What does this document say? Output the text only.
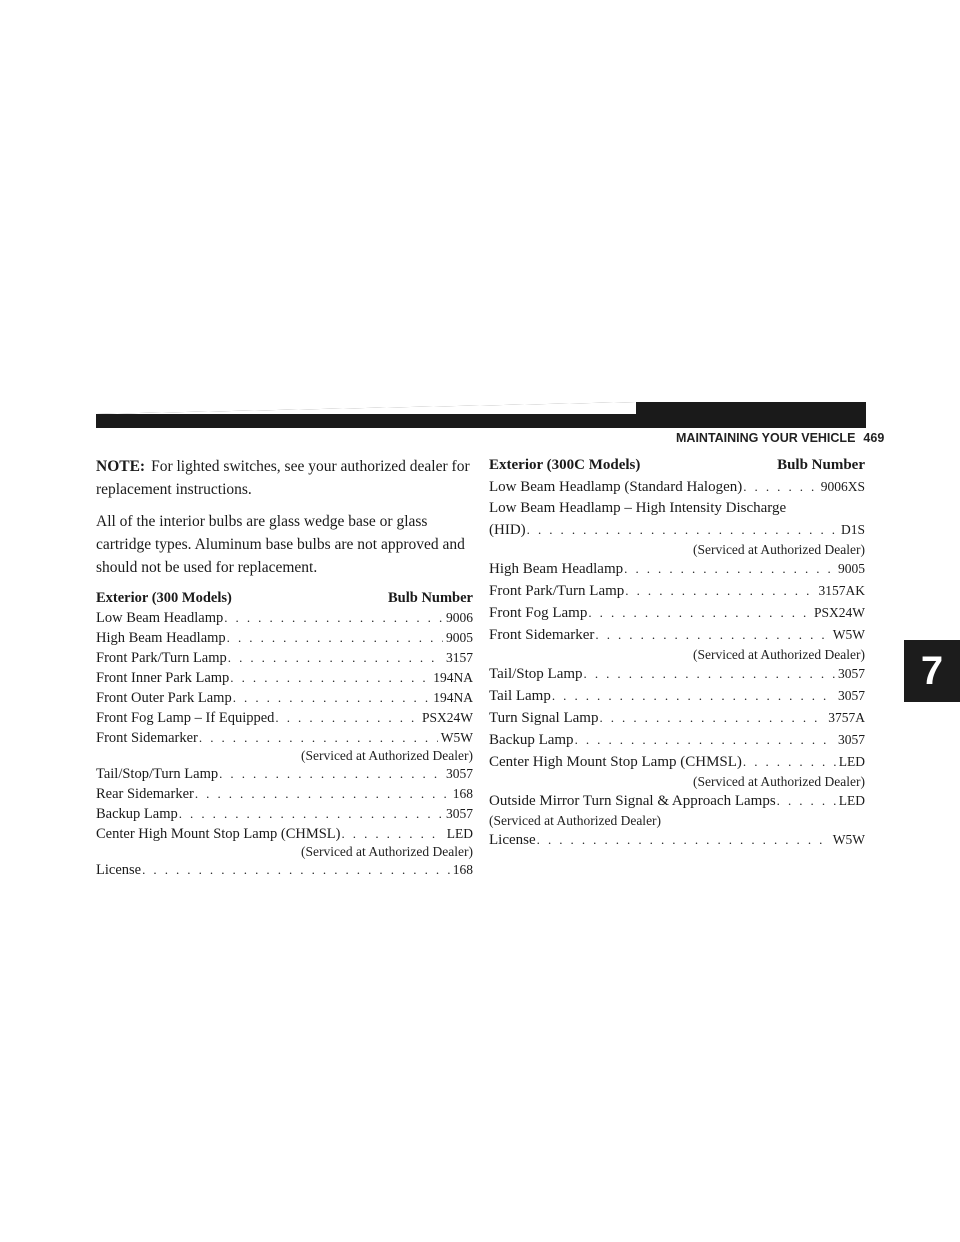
MAINTAINING YOUR VEHICLE 469
7

NOTE: For lighted switches, see your authorized dealer for replacement instructions.

All of the interior bulbs are glass wedge base or glass cartridge types. Aluminum base bulbs are not approved and should not be used for replacement.

Exterior (300 Models)	Bulb Number
Low Beam Headlamp . . .	9006
High Beam Headlamp . . .	9005
Front Park/Turn Lamp . . .	3157
Front Inner Park Lamp . . .	194NA
Front Outer Park Lamp . . .	194NA
Front Fog Lamp – If Equipped . . .	PSX24W
Front Sidemarker . . .	W5W
(Serviced at Authorized Dealer)
Tail/Stop/Turn Lamp . . .	3057
Rear Sidemarker . . .	168
Backup Lamp . . .	3057
Center High Mount Stop Lamp (CHMSL) . . .	LED
(Serviced at Authorized Dealer)
License . . .	168
Exterior (300C Models)	Bulb Number
Low Beam Headlamp (Standard Halogen) . . .	9006XS
Low Beam Headlamp – High Intensity Discharge
(HID) . . .	D1S
(Serviced at Authorized Dealer)
High Beam Headlamp . . .	9005
Front Park/Turn Lamp . . .	3157AK
Front Fog Lamp . . .	PSX24W
Front Sidemarker . . .	W5W
(Serviced at Authorized Dealer)
Tail/Stop Lamp . . .	3057
Tail Lamp . . .	3057
Turn Signal Lamp . . .	3757A
Backup Lamp . . .	3057
Center High Mount Stop Lamp (CHMSL) . . .	LED
(Serviced at Authorized Dealer)
Outside Mirror Turn Signal & Approach Lamps . . .	LED
(Serviced at Authorized Dealer)
License . . .	W5W
